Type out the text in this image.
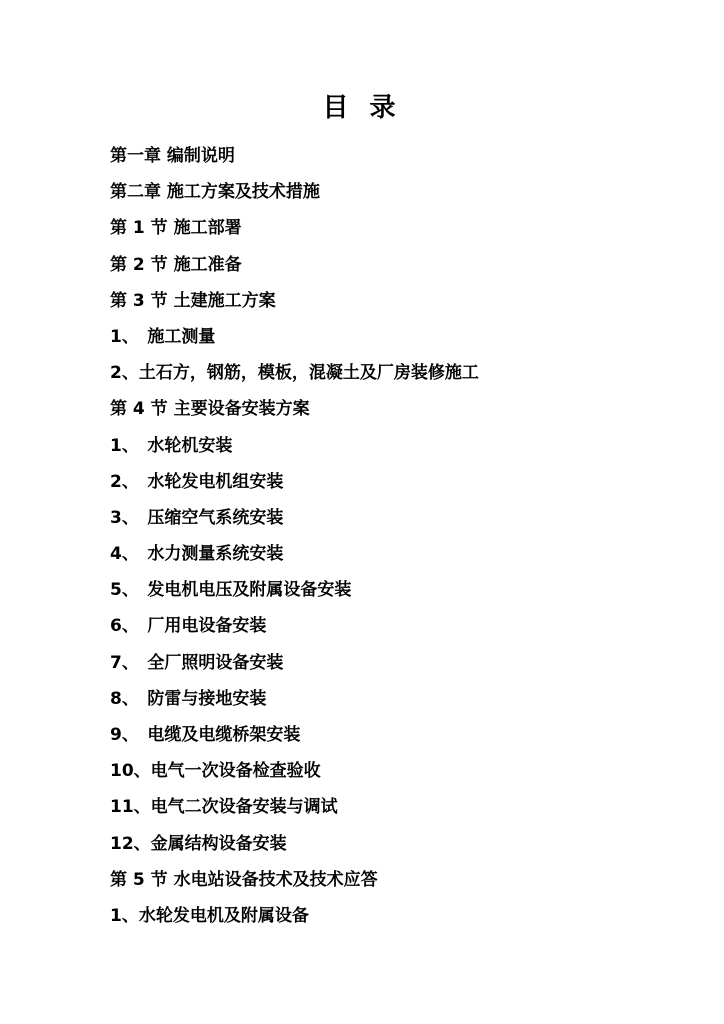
目 录
第一章 编制说明
第二章 施工方案及技术措施
第 1 节 施工部署
第 2 节 施工准备
第 3 节 土建施工方案
1、　施工测量
2、土石方，钢筋，模板，混凝土及厂房装修施工
第 4 节 主要设备安装方案
1、　水轮机安装
2、　水轮发电机组安装
3、　压缩空气系统安装
4、　水力测量系统安装
5、　发电机电压及附属设备安装
6、　厂用电设备安装
7、　全厂照明设备安装
8、　防雷与接地安装
9、　电缆及电缆桥架安装
10、电气一次设备检查验收
11、电气二次设备安装与调试
12、金属结构设备安装
第 5 节 水电站设备技术及技术应答
1、水轮发电机及附属设备
